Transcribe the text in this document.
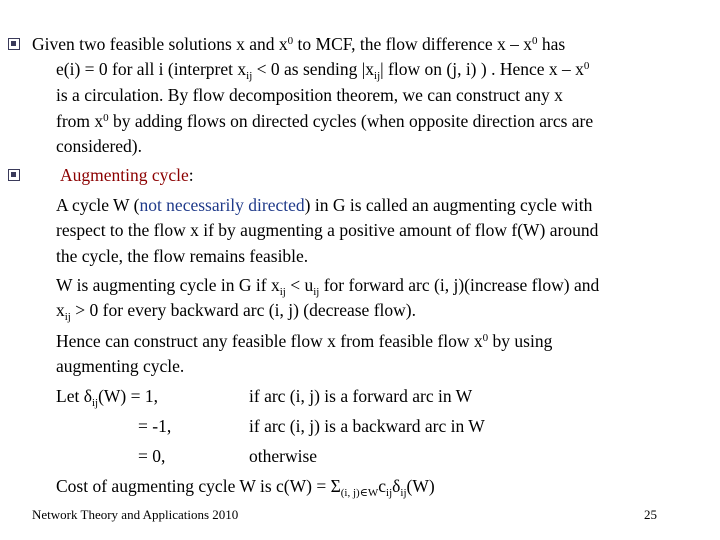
Given two feasible solutions x and $x^0$ to MCF, the flow difference x – $x^0$ has
e(i) = 0 for all i (interpret $x_{ij} < 0$ as sending $|x_{ij}|$ flow on (j, i) ) . Hence x – $x^0$
is a circulation. By flow decomposition theorem, we can construct any x
from $x^0$ by adding flows on directed cycles (when opposite direction arcs are
considered).
Augmenting cycle:
A cycle W (not necessarily directed) in G is called an augmenting cycle with
respect to the flow x if by augmenting a positive amount of flow f(W) around
the cycle, the flow remains feasible.
W is augmenting cycle in G if $x_{ij} < u_{ij}$ for forward arc (i, j)(increase flow) and
$x_{ij} > 0$ for every backward arc (i, j) (decrease flow).
Hence can construct any feasible flow x from feasible flow $x^0$ by using
augmenting cycle.
Let $\delta_{ij}(W) = 1$,	if arc (i, j) is a forward arc in W
= -1,	if arc (i, j) is a backward arc in W
= 0,	otherwise
Cost of augmenting cycle W is $c(W) = \Sigma_{(i, j)\in W}c_{ij}\delta_{ij}(W)$
Network Theory and Applications 2010	25
